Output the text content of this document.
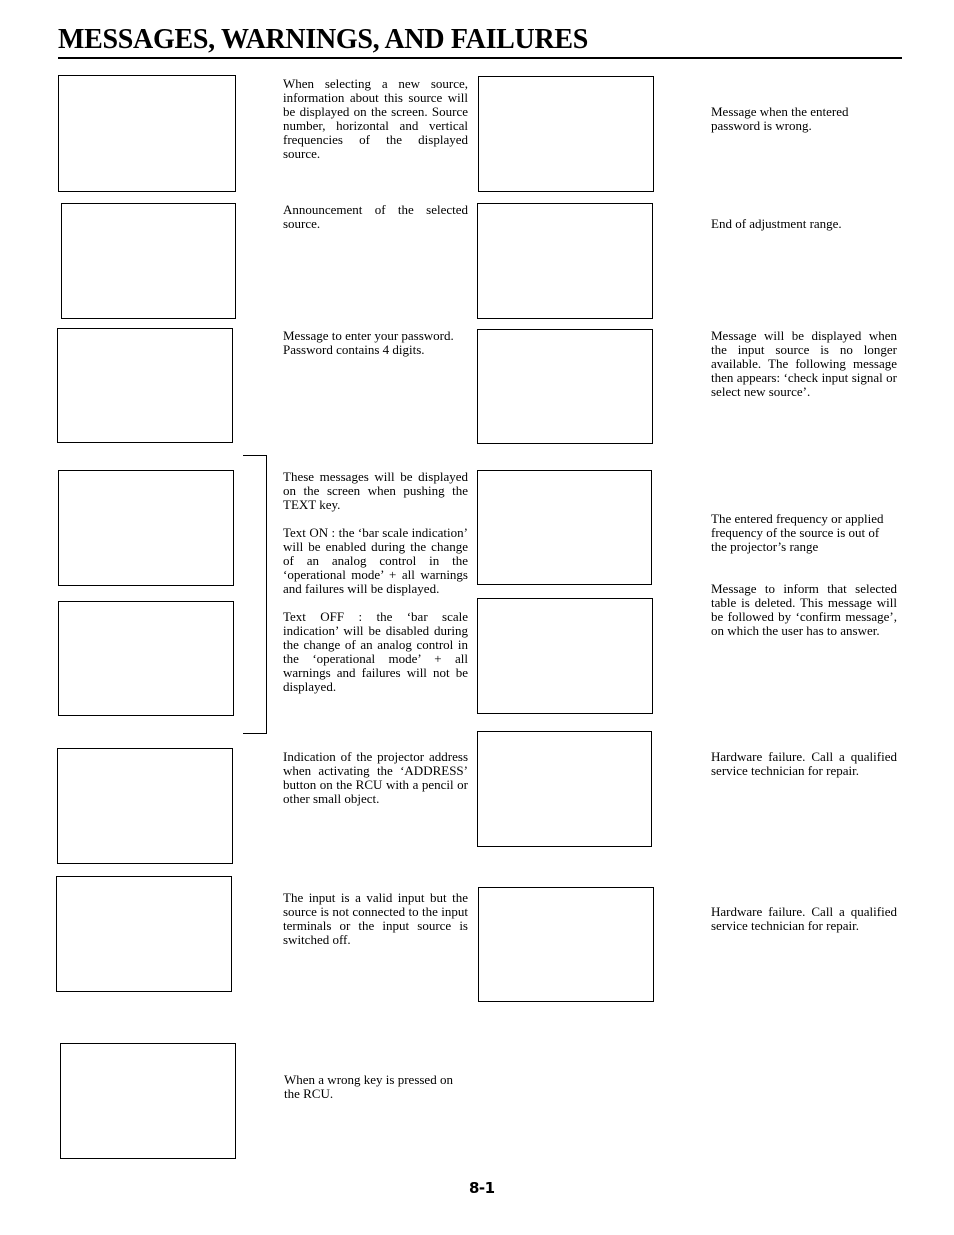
MESSAGES, WARNINGS, AND FAILURES

When selecting a new source, information about this source will be displayed on the screen. Source number, horizontal and vertical frequencies of the displayed source.

Announcement of the selected source.

Message to enter your password. Password contains 4 digits.

These messages will be displayed on the screen when pushing the TEXT key.

Text ON : the ‘bar scale indication’ will be enabled during the change of an analog control in the ‘operational mode’ + all warnings and failures will be displayed.

Text OFF : the ‘bar scale indication’ will be disabled during the change of an analog control in the ‘operational mode’ + all warnings and failures will not be displayed.

Indication of the projector address when activating the ‘ADDRESS’ button on the RCU with a pencil or other small object.

The input is a valid input but the source is not connected to the input terminals or the input source is switched off.

When a wrong key is pressed on the RCU.

Message when the entered password is wrong.

End of adjustment range.

Message will be displayed when the input source is no longer available. The following message then appears: ‘check input signal or select new source’.

The entered frequency or applied frequency of the source is out of the projector’s range

Message to inform that selected table is deleted. This message will be followed by ‘confirm message’, on which the user has to answer.

Hardware failure. Call a qualified service technician for repair.

Hardware failure. Call a qualified service technician for repair.

8-1
